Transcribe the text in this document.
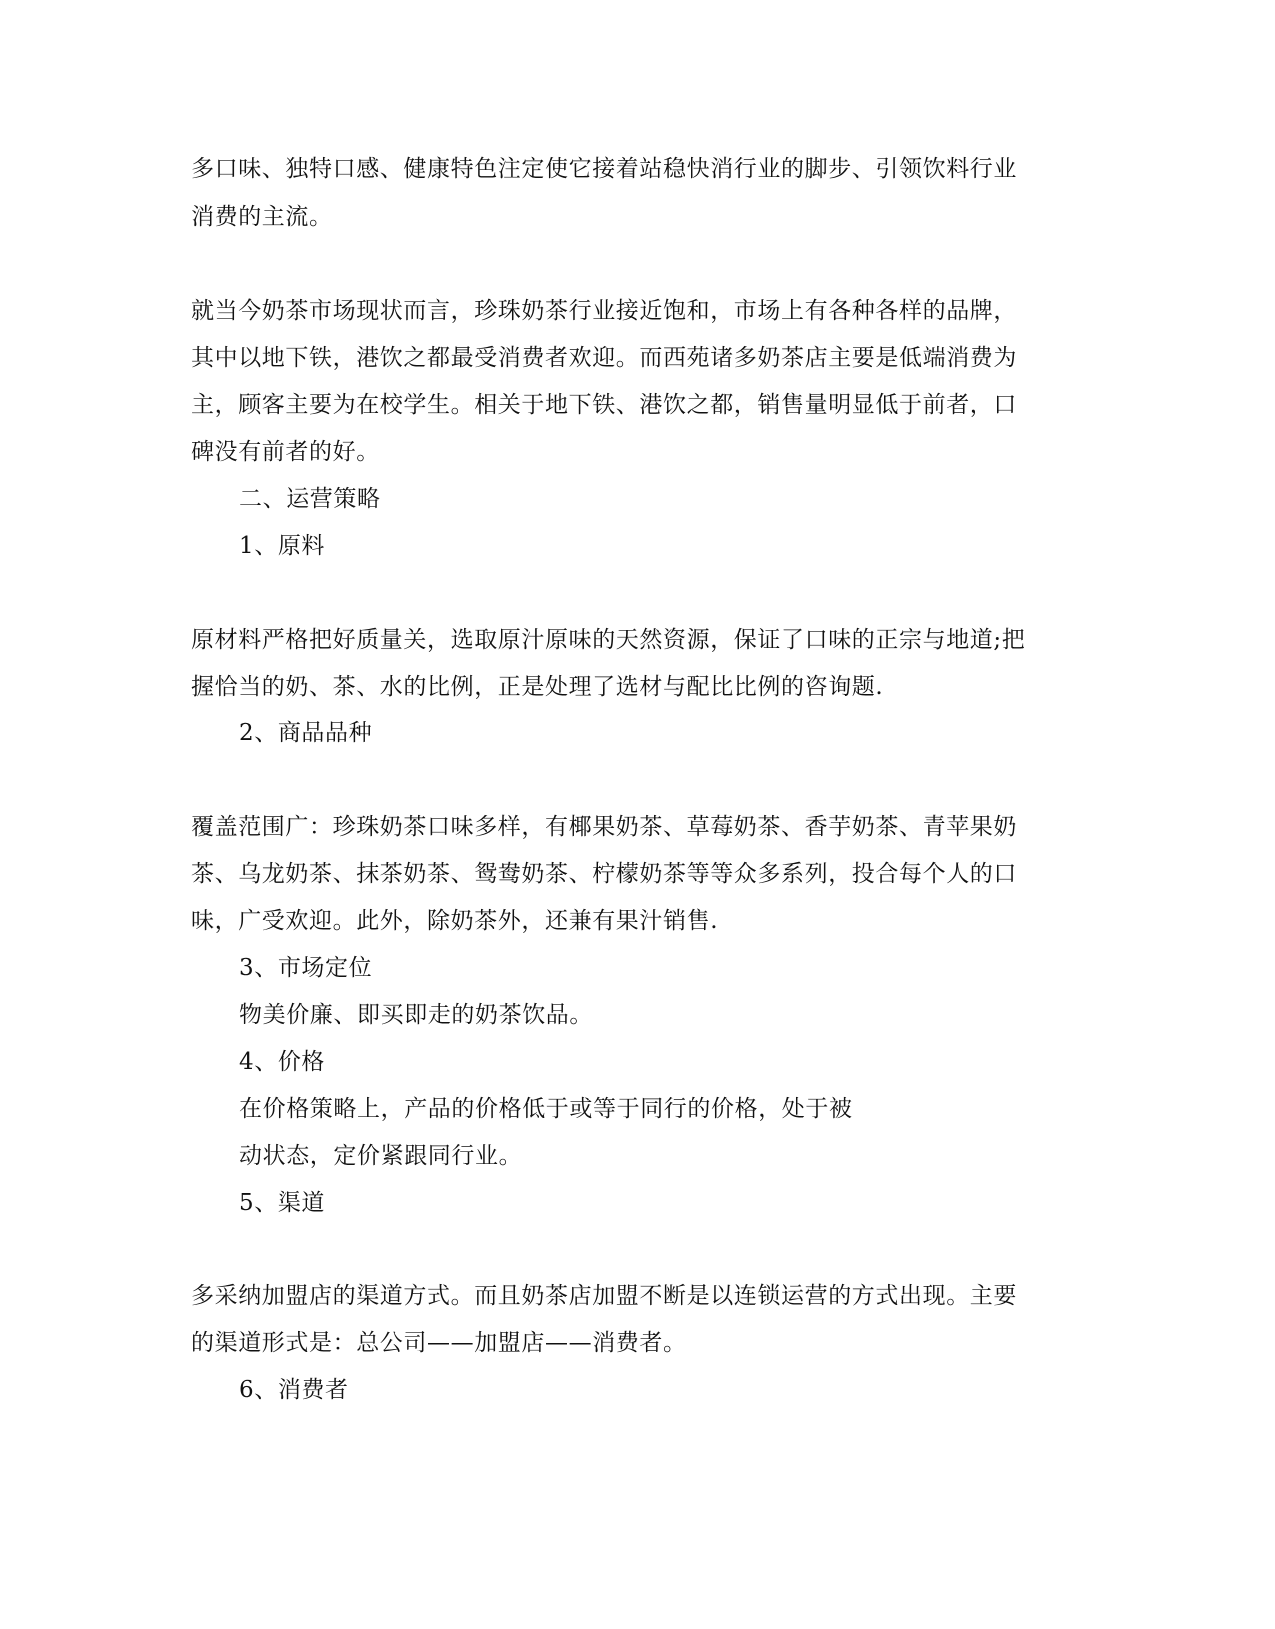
多口味、独特口感、健康特色注定使它接着站稳快消行业的脚步、引领饮料行业
消费的主流。
就当今奶茶市场现状而言，珍珠奶茶行业接近饱和，市场上有各种各样的品牌，
其中以地下铁，港饮之都最受消费者欢迎。而西苑诸多奶茶店主要是低端消费为
主，顾客主要为在校学生。相关于地下铁、港饮之都，销售量明显低于前者，口
碑没有前者的好。
二、运营策略
1、原料
原材料严格把好质量关，选取原汁原味的天然资源，保证了口味的正宗与地道;把
握恰当的奶、茶、水的比例，正是处理了选材与配比比例的咨询题.
2、商品品种
覆盖范围广：珍珠奶茶口味多样，有椰果奶茶、草莓奶茶、香芋奶茶、青苹果奶
茶、乌龙奶茶、抹茶奶茶、鸳鸯奶茶、柠檬奶茶等等众多系列，投合每个人的口
味，广受欢迎。此外，除奶茶外，还兼有果汁销售.
3、市场定位
物美价廉、即买即走的奶茶饮品。
4、价格
在价格策略上，产品的价格低于或等于同行的价格，处于被
动状态，定价紧跟同行业。
5、渠道
多采纳加盟店的渠道方式。而且奶茶店加盟不断是以连锁运营的方式出现。主要
的渠道形式是：总公司——加盟店——消费者。
6、消费者
